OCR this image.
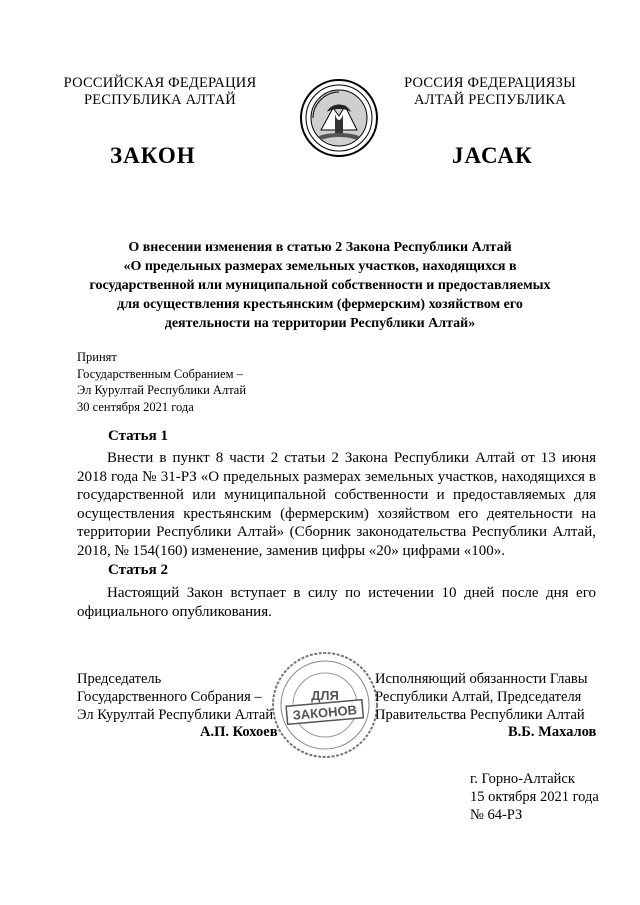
РОССИЙСКАЯ ФЕДЕРАЦИЯ
РЕСПУБЛИКА АЛТАЙ
РОССИЯ ФЕДЕРАЦИЯЗЫ
АЛТАЙ РЕСПУБЛИКА
ЗАКОН	ЈАСАК
О внесении изменения в статью 2 Закона Республики Алтай
«О предельных размерах земельных участков, находящихся в
государственной или муниципальной собственности и предоставляемых
для осуществления крестьянским (фермерским) хозяйством его
деятельности на территории Республики Алтай»
Принят
Государственным Собранием –
Эл Курултай Республики Алтай
30 сентября 2021 года
Статья 1
Внести в пункт 8 части 2 статьи 2 Закона Республики Алтай от 13 июня 2018 года № 31-РЗ «О предельных размерах земельных участков, находящихся в государственной или муниципальной собственности и предоставляемых для осуществления крестьянским (фермерским) хозяйством его деятельности на территории Республики Алтай» (Сборник законодательства Республики Алтай, 2018, № 154(160) изменение, заменив цифры «20» цифрами «100».
Статья 2
Настоящий Закон вступает в силу по истечении 10 дней после дня его официального опубликования.
Председатель
Государственного Собрания –
Эл Курултай Республики Алтай
А.П. Кохоев
ДЛЯ
ЗАКОНОВ
Исполняющий обязанности Главы
Республики Алтай, Председателя
Правительства Республики Алтай
В.Б. Махалов
г. Горно-Алтайск
15 октября 2021 года
№ 64-РЗ
